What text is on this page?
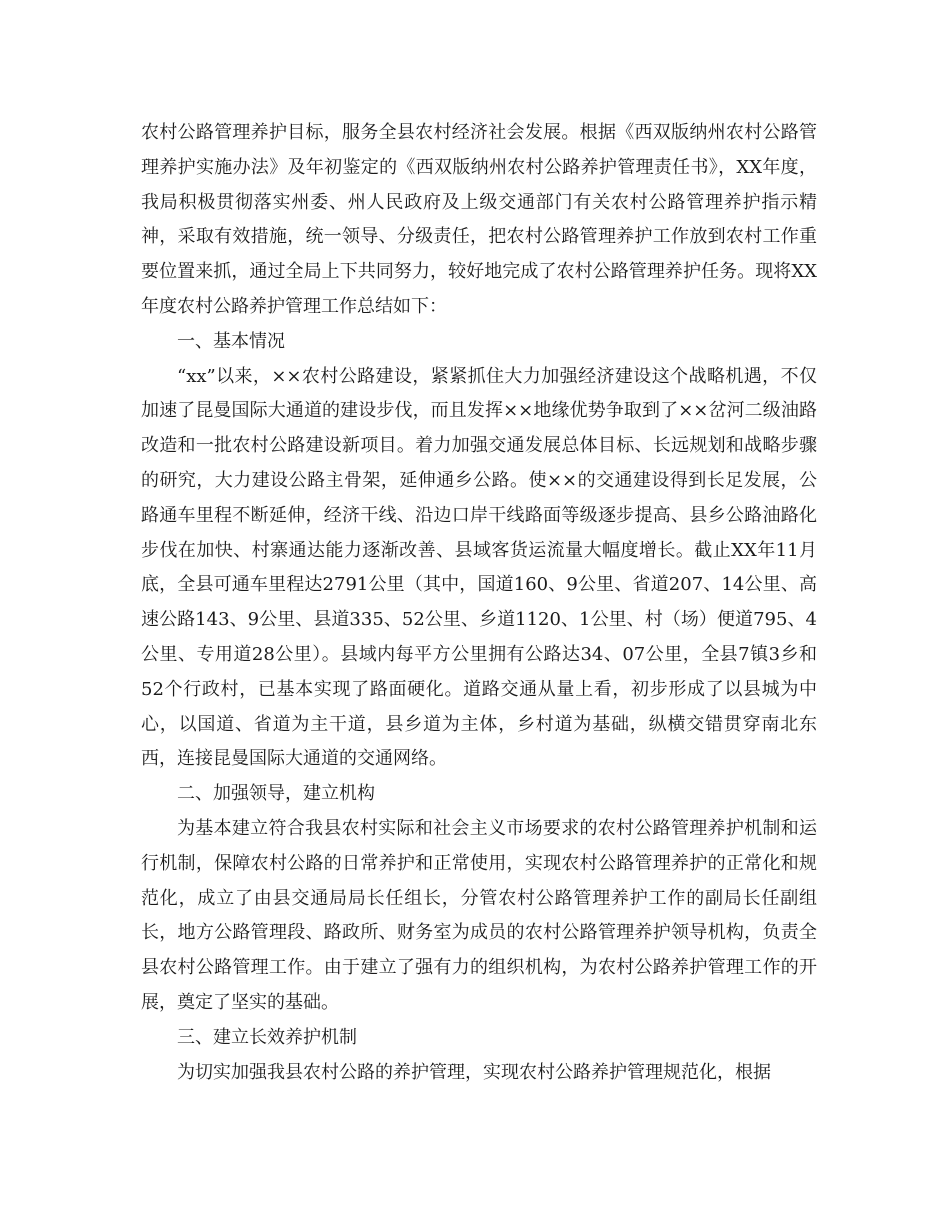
农村公路管理养护目标，服务全县农村经济社会发展。根据《西双版纳州农村公路管理养护实施办法》及年初鉴定的《西双版纳州农村公路养护管理责任书》，XX年度，我局积极贯彻落实州委、州人民政府及上级交通部门有关农村公路管理养护指示精神，采取有效措施，统一领导、分级责任，把农村公路管理养护工作放到农村工作重要位置来抓，通过全局上下共同努力，较好地完成了农村公路管理养护任务。现将XX年度农村公路养护管理工作总结如下：

一、基本情况

“xx”以来，××农村公路建设，紧紧抓住大力加强经济建设这个战略机遇，不仅加速了昆曼国际大通道的建设步伐，而且发挥××地缘优势争取到了××岔河二级油路改造和一批农村公路建设新项目。着力加强交通发展总体目标、长远规划和战略步骤的研究，大力建设公路主骨架，延伸通乡公路。使××的交通建设得到长足发展，公路通车里程不断延伸，经济干线、沿边口岸干线路面等级逐步提高、县乡公路油路化步伐在加快、村寨通达能力逐渐改善、县域客货运流量大幅度增长。截止XX年11月底，全县可通车里程达2791公里（其中，国道160、9公里、省道207、14公里、高速公路143、9公里、县道335、52公里、乡道1120、1公里、村（场）便道795、4公里、专用道28公里）。县域内每平方公里拥有公路达34、07公里，全县7镇3乡和52个行政村，已基本实现了路面硬化。道路交通从量上看，初步形成了以县城为中心，以国道、省道为主干道，县乡道为主体，乡村道为基础，纵横交错贯穿南北东西，连接昆曼国际大通道的交通网络。

二、加强领导，建立机构

为基本建立符合我县农村实际和社会主义市场要求的农村公路管理养护机制和运行机制，保障农村公路的日常养护和正常使用，实现农村公路管理养护的正常化和规范化，成立了由县交通局局长任组长，分管农村公路管理养护工作的副局长任副组长，地方公路管理段、路政所、财务室为成员的农村公路管理养护领导机构，负责全县农村公路管理工作。由于建立了强有力的组织机构，为农村公路养护管理工作的开展，奠定了坚实的基础。

三、建立长效养护机制

为切实加强我县农村公路的养护管理，实现农村公路养护管理规范化，根据
